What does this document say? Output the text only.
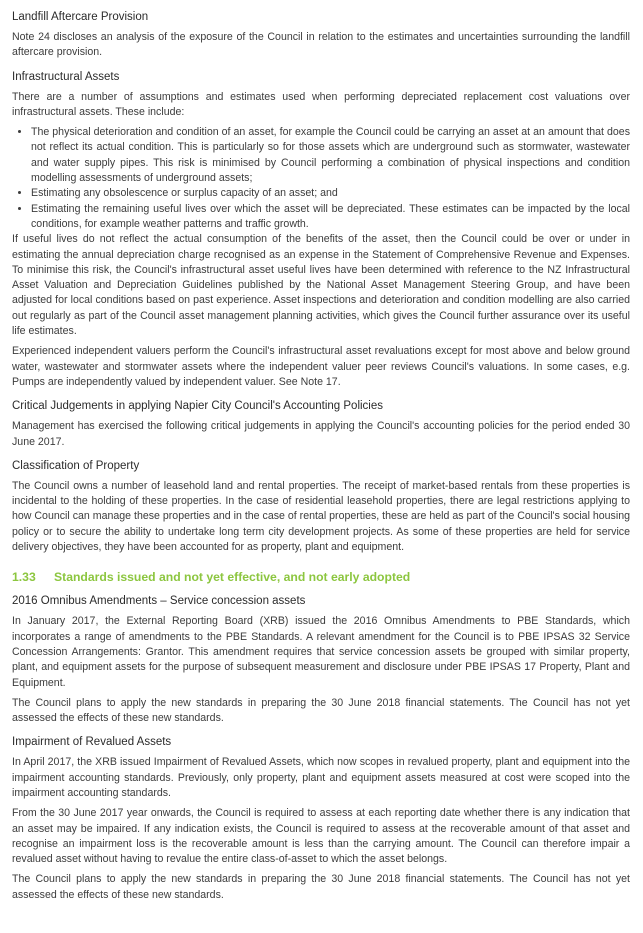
Landfill Aftercare Provision

Note 24 discloses an analysis of the exposure of the Council in relation to the estimates and uncertainties surrounding the landfill aftercare provision.

Infrastructural Assets

There are a number of assumptions and estimates used when performing depreciated replacement cost valuations over infrastructural assets. These include:

• The physical deterioration and condition of an asset, for example the Council could be carrying an asset at an amount that does not reflect its actual condition. This is particularly so for those assets which are underground such as stormwater, wastewater and water supply pipes. This risk is minimised by Council performing a combination of physical inspections and condition modelling assessments of underground assets;
• Estimating any obsolescence or surplus capacity of an asset; and
• Estimating the remaining useful lives over which the asset will be depreciated. These estimates can be impacted by the local conditions, for example weather patterns and traffic growth.

If useful lives do not reflect the actual consumption of the benefits of the asset, then the Council could be over or under in estimating the annual depreciation charge recognised as an expense in the Statement of Comprehensive Revenue and Expenses. To minimise this risk, the Council's infrastructural asset useful lives have been determined with reference to the NZ Infrastructural Asset Valuation and Depreciation Guidelines published by the National Asset Management Steering Group, and have been adjusted for local conditions based on past experience. Asset inspections and deterioration and condition modelling are also carried out regularly as part of the Council asset management planning activities, which gives the Council further assurance over its useful life estimates.

Experienced independent valuers perform the Council's infrastructural asset revaluations except for most above and below ground water, wastewater and stormwater assets where the independent valuer peer reviews Council's valuations. In some cases, e.g. Pumps are independently valued by independent valuer. See Note 17.

Critical Judgements in applying Napier City Council's Accounting Policies

Management has exercised the following critical judgements in applying the Council's accounting policies for the period ended 30 June 2017.

Classification of Property

The Council owns a number of leasehold land and rental properties. The receipt of market-based rentals from these properties is incidental to the holding of these properties. In the case of residential leasehold properties, there are legal restrictions applying to how Council can manage these properties and in the case of rental properties, these are held as part of the Council's social housing policy or to secure the ability to undertake long term city development projects. As some of these properties are held for service delivery objectives, they have been accounted for as property, plant and equipment.

1.33	Standards issued and not yet effective, and not early adopted
2016 Omnibus Amendments – Service concession assets

In January 2017, the External Reporting Board (XRB) issued the 2016 Omnibus Amendments to PBE Standards, which incorporates a range of amendments to the PBE Standards. A relevant amendment for the Council is to PBE IPSAS 32 Service Concession Arrangements: Grantor. This amendment requires that service concession assets be grouped with similar property, plant, and equipment assets for the purpose of subsequent measurement and disclosure under PBE IPSAS 17 Property, Plant and Equipment.

The Council plans to apply the new standards in preparing the 30 June 2018 financial statements. The Council has not yet assessed the effects of these new standards.

Impairment of Revalued Assets

In April 2017, the XRB issued Impairment of Revalued Assets, which now scopes in revalued property, plant and equipment into the impairment accounting standards. Previously, only property, plant and equipment assets measured at cost were scoped into the impairment accounting standards.

From the 30 June 2017 year onwards, the Council is required to assess at each reporting date whether there is any indication that an asset may be impaired. If any indication exists, the Council is required to assess at the recoverable amount of that asset and recognise an impairment loss is the recoverable amount is less than the carrying amount. The Council can therefore impair a revalued asset without having to revalue the entire class-of-asset to which the asset belongs.

The Council plans to apply the new standards in preparing the 30 June 2018 financial statements. The Council has not yet assessed the effects of these new standards.
